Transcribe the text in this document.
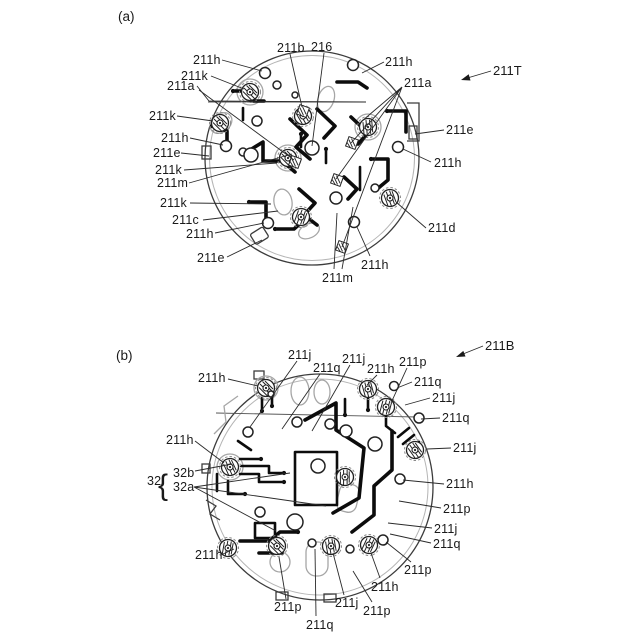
(a)
211h
211b 216
211h
211k
211a	211a
211T
211k
211e
211h
211e
211h
211k
211m
211k
211c
211h	211d
211e
211m
211h
(b)
211h
211j
211q
211j
211h 211p
211B
211q
211j
211q
211j
211h
211h
211p
211j
211q
32
{ 32b
32a
211h
211p
211q
211j
211p
211h
211p
